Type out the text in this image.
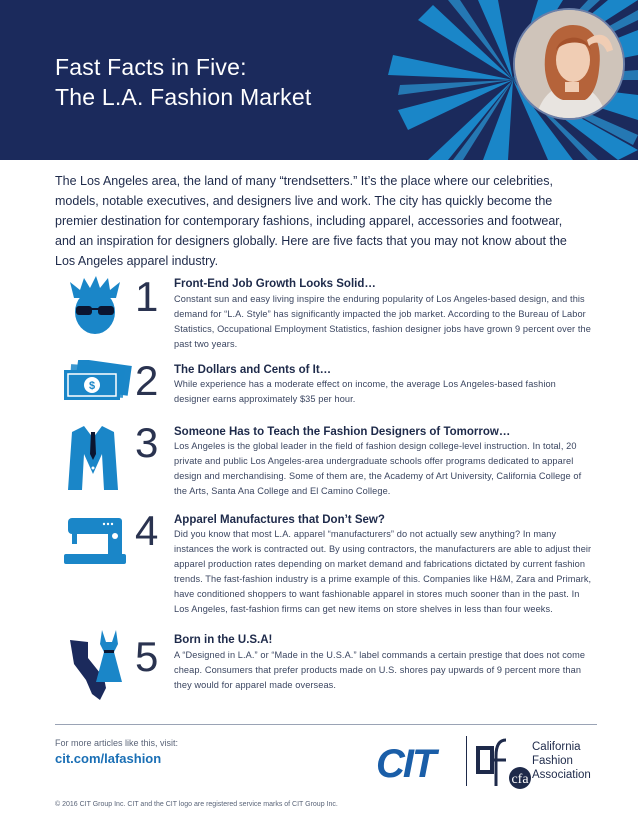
Fast Facts in Five:
The L.A. Fashion Market

The Los Angeles area, the land of many “trendsetters.” It’s the place where our celebrities, models, notable executives, and designers live and work. The city has quickly become the premier destination for contemporary fashions, including apparel, accessories and footwear, and an inspiration for designers globally. Here are five facts that you may not know about the Los Angeles apparel industry.

1 Front-End Job Growth Looks Solid…
Constant sun and easy living inspire the enduring popularity of Los Angeles-based design, and this demand for “L.A. Style” has significantly impacted the job market. According to the Bureau of Labor Statistics, Occupational Employment Statistics, fashion designer jobs have grown 9 percent over the past two years.
$ 2 The Dollars and Cents of It…
While experience has a moderate effect on income, the average Los Angeles-based fashion designer earns approximately $35 per hour.
3 Someone Has to Teach the Fashion Designers of Tomorrow…
Los Angeles is the global leader in the field of fashion design college-level instruction. In total, 20 private and public Los Angeles-area undergraduate schools offer programs dedicated to apparel design and merchandising. Some of them are, the Academy of Art University, California College of the Arts, Santa Ana College and El Camino College.
4 Apparel Manufactures that Don’t Sew?
Did you know that most L.A. apparel “manufacturers” do not actually sew anything? In many instances the work is contracted out. By using contractors, the manufacturers are able to adjust their apparel production rates depending on market demand and fabrications dictated by current fashion trends. The fast-fashion industry is a prime example of this. Companies like H&M, Zara and Primark, have conditioned shoppers to want fashionable apparel in stores much sooner than in the past. In Los Angeles, fast-fashion firms can get new items on store shelves in less than four weeks.
5 Born in the U.S.A!
A “Designed in L.A.” or “Made in the U.S.A.” label commands a certain prestige that does not come cheap. Consumers that prefer products made on U.S. shores pay upwards of 9 percent more than they would for apparel made overseas.
For more articles like this, visit:
cit.com/lafashion	CIT	cfa
California
Fashion
Association
© 2016 CIT Group Inc. CIT and the CIT logo are registered service marks of CIT Group Inc.
